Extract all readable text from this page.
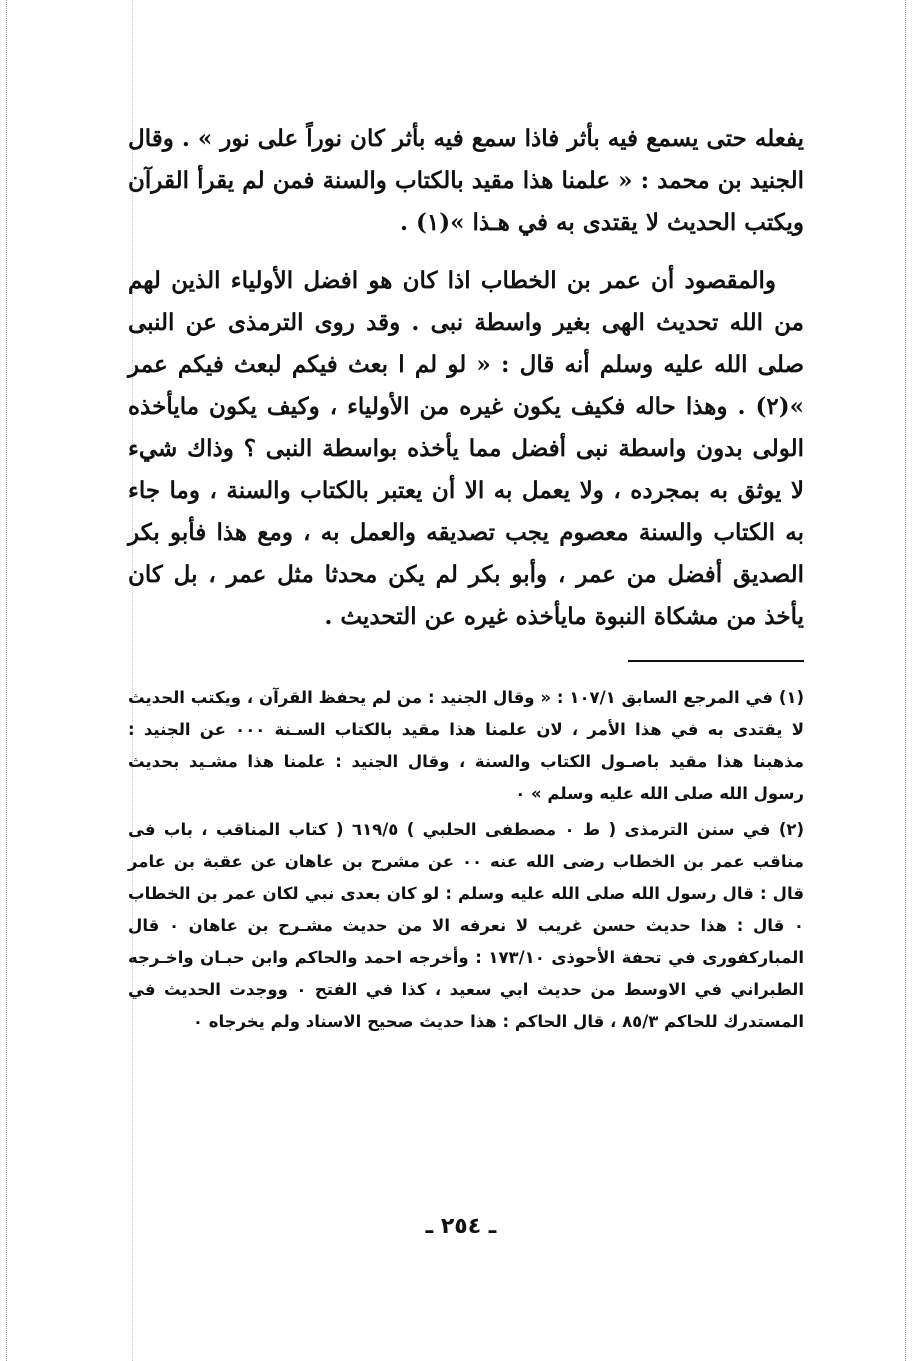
يفعله حتى يسمع فيه بأثر فاذا سمع فيه بأثر كان نوراً على نور » . وقال الجنيد بن محمد : « علمنا هذا مقيد بالكتاب والسنة فمن لم يقرأ القرآن ويكتب الحديث لا يقتدى به في هـذا »(١) .

والمقصود أن عمر بن الخطاب اذا كان هو افضل الأولياء الذين لهم من الله تحديث الهى بغير واسطة نبى . وقد روى الترمذى عن النبى صلى الله عليه وسلم أنه قال : « لو لم ا بعث فيكم لبعث فيكم عمر »(٢) . وهذا حاله فكيف يكون غيره من الأولياء ، وكيف يكون مايأخذه الولى بدون واسطة نبى أفضل مما يأخذه بواسطة النبى ؟ وذاك شيء لا يوثق به بمجرده ، ولا يعمل به الا أن يعتبر بالكتاب والسنة ، وما جاء به الكتاب والسنة معصوم يجب تصديقه والعمل به ، ومع هذا فأبو بكر الصديق أفضل من عمر ، وأبو بكر لم يكن محدثا مثل عمر ، بل كان يأخذ من مشكاة النبوة مايأخذه غيره عن التحديث .

(١) في المرجع السابق ١٠٧/١ : « وقال الجنيد : من لم يحفظ القرآن ، ويكتب الحديث لا يقتدى به في هذا الأمر ، لان علمنا هذا مقيد بالكتاب السـنة ٠٠٠ عن الجنيد : مذهبنا هذا مقيد باصـول الكتاب والسنة ، وقال الجنيد : علمنا هذا مشـيد بحديث رسول الله صلى الله عليه وسلم » ٠

(٢) في سنن الترمذى ( ط ٠ مصطفى الحلبي ) ٦١٩/٥ ( كتاب المناقب ، باب فى مناقب عمر بن الخطاب رضى الله عنه ٠٠ عن مشرح بن عاهان عن عقبة بن عامر قال : قال رسول الله صلى الله عليه وسلم : لو كان بعدى نبي لكان عمر بن الخطاب ٠ قال : هذا حديث حسن غريب لا نعرفه الا من حديث مشـرح بن عاهان ٠ قال المباركفورى في تحفة الأحوذى ١٧٣/١٠ : وأخرجه احمد والحاكم وابن حبـان واخـرجه الطبراني في الاوسط من حديث ابي سعيد ، كذا في الفتح ٠ ووجدت الحديث في المستدرك للحاكم ٨٥/٣ ، قال الحاكم : هذا حديث صحيح الاسناد ولم يخرجاه ٠

ـ ٢٥٤ ـ
